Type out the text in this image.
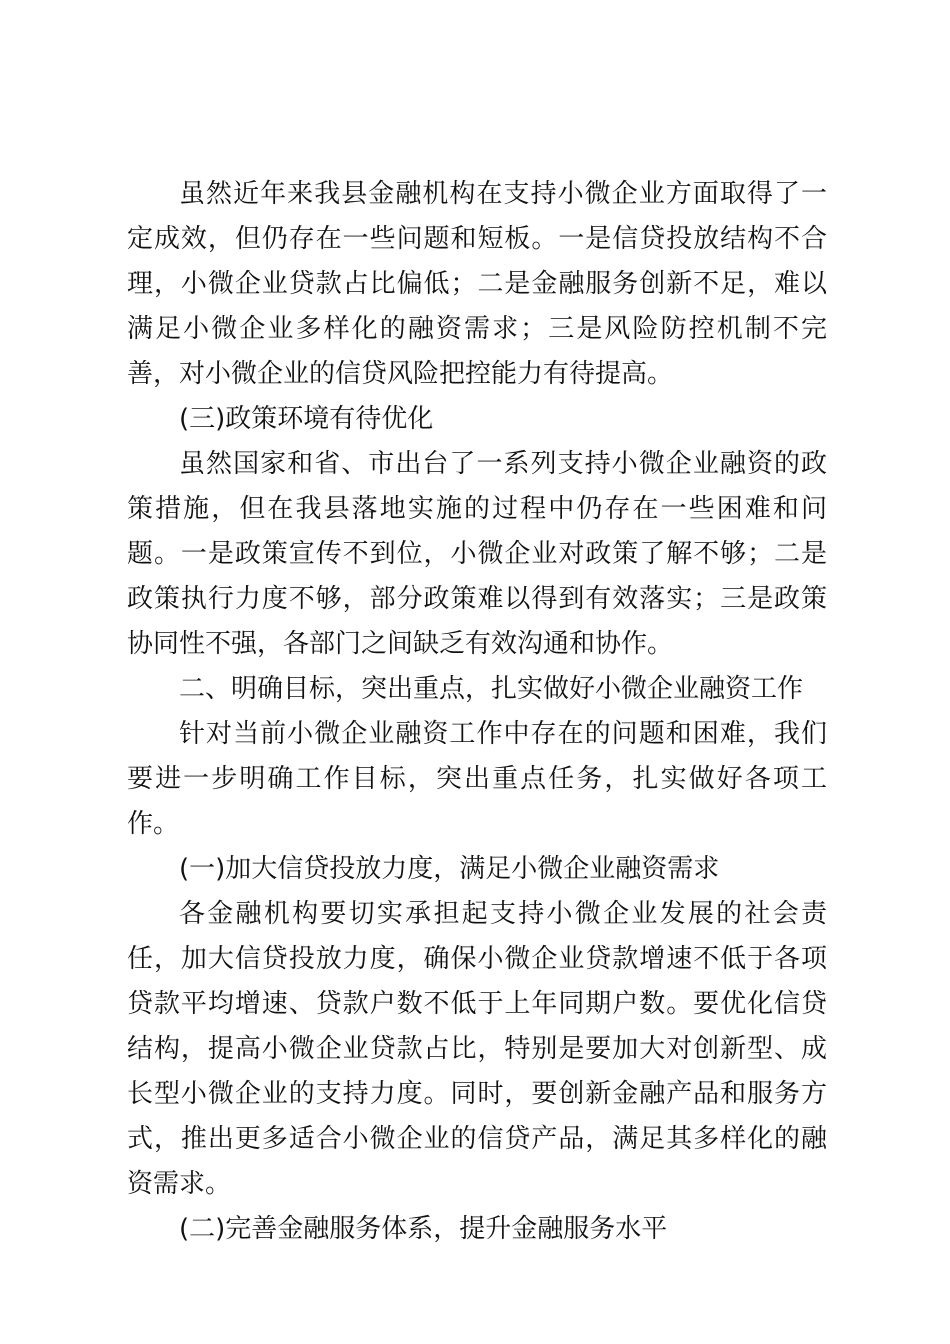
虽然近年来我县金融机构在支持小微企业方面取得了一定成效，但仍存在一些问题和短板。一是信贷投放结构不合理，小微企业贷款占比偏低；二是金融服务创新不足，难以满足小微企业多样化的融资需求；三是风险防控机制不完善，对小微企业的信贷风险把控能力有待提高。

(三)政策环境有待优化

虽然国家和省、市出台了一系列支持小微企业融资的政策措施，但在我县落地实施的过程中仍存在一些困难和问题。一是政策宣传不到位，小微企业对政策了解不够；二是政策执行力度不够，部分政策难以得到有效落实；三是政策协同性不强，各部门之间缺乏有效沟通和协作。

二、明确目标，突出重点，扎实做好小微企业融资工作

针对当前小微企业融资工作中存在的问题和困难，我们要进一步明确工作目标，突出重点任务，扎实做好各项工作。

(一)加大信贷投放力度，满足小微企业融资需求

各金融机构要切实承担起支持小微企业发展的社会责任，加大信贷投放力度，确保小微企业贷款增速不低于各项贷款平均增速、贷款户数不低于上年同期户数。要优化信贷结构，提高小微企业贷款占比，特别是要加大对创新型、成长型小微企业的支持力度。同时，要创新金融产品和服务方式，推出更多适合小微企业的信贷产品，满足其多样化的融资需求。

(二)完善金融服务体系，提升金融服务水平
